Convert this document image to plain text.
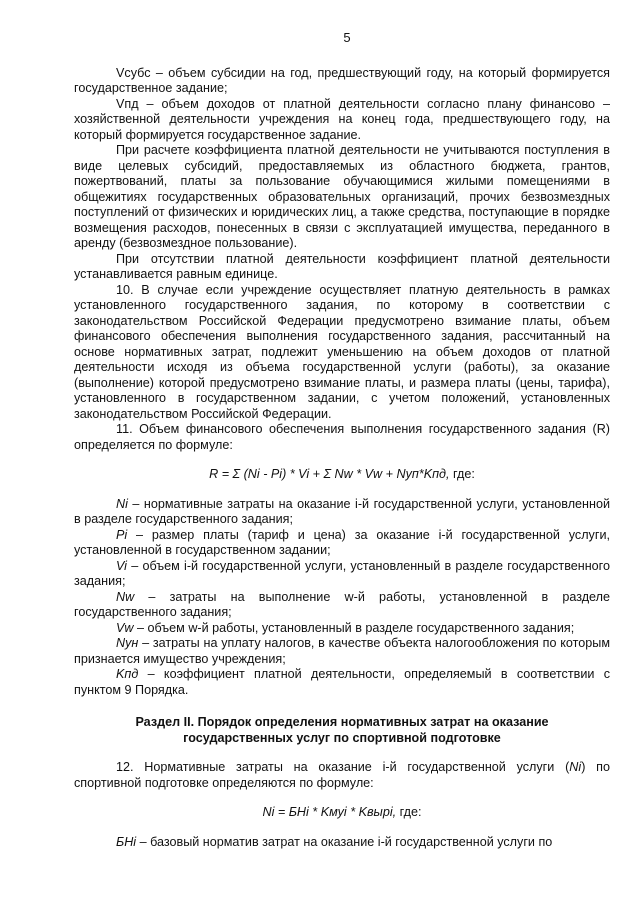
5

Vсубс – объем субсидии на год, предшествующий году, на который формируется государственное задание;

Vпд – объем доходов от платной деятельности согласно плану финансово – хозяйственной деятельности учреждения на конец года, предшествующего году, на который формируется государственное задание.

При расчете коэффициента платной деятельности не учитываются поступления в виде целевых субсидий, предоставляемых из областного бюджета, грантов, пожертвований, платы за пользование обучающимися жилыми помещениями в общежитиях государственных образовательных организаций, прочих безвозмездных поступлений от физических и юридических лиц, а также средства, поступающие в порядке возмещения расходов, понесенных в связи с эксплуатацией имущества, переданного в аренду (безвозмездное пользование).

При отсутствии платной деятельности коэффициент платной деятельности устанавливается равным единице.

10. В случае если учреждение осуществляет платную деятельность в рамках установленного государственного задания, по которому в соответствии с законодательством Российской Федерации предусмотрено взимание платы, объем финансового обеспечения выполнения государственного задания, рассчитанный на основе нормативных затрат, подлежит уменьшению на объем доходов от платной деятельности исходя из объема государственной услуги (работы), за оказание (выполнение) которой предусмотрено взимание платы, и размера платы (цены, тарифа), установленного в государственном задании, с учетом положений, установленных законодательством Российской Федерации.

11. Объем финансового обеспечения выполнения государственного задания (R) определяется по формуле:

R = Σ (Ni - Pi) * Vi + Σ Nw * Vw + Nуп*Kпд, где:

Ni – нормативные затраты на оказание i-й государственной услуги, установленной в разделе государственного задания;

Pi – размер платы (тариф и цена) за оказание i-й государственной услуги, установленной в государственном задании;

Vi – объем i-й государственной услуги, установленный в разделе государственного задания;

Nw – затраты на выполнение w-й работы, установленной в разделе государственного задания;

Vw – объем w-й работы, установленный в разделе государственного задания;

Nун – затраты на уплату налогов, в качестве объекта налогообложения по которым признается имущество учреждения;

Kпд – коэффициент платной деятельности, определяемый в соответствии с пунктом 9 Порядка.

Раздел II. Порядок определения нормативных затрат на оказание
государственных услуг по спортивной подготовке

12. Нормативные затраты на оказание i-й государственной услуги (Ni) по спортивной подготовке определяются по формуле:

Ni = БНi * Kмуi * Kвырi, где:

БНi – базовый норматив затрат на оказание i-й государственной услуги по
